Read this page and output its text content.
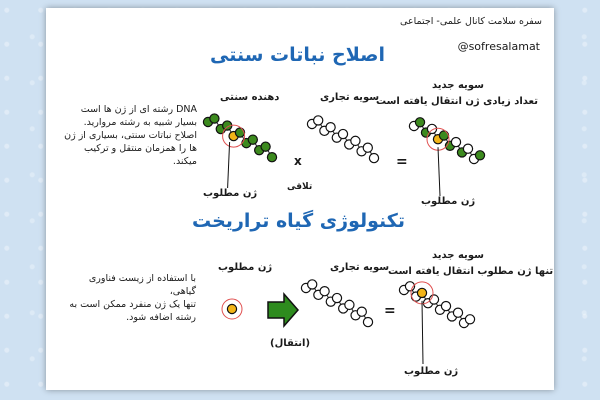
سفره سلامت کانال علمی- اجتماعی
@sofresalamat
اصلاح نباتات سنتی
دهنده سنتی	سویه تجاری
سویه جدید
تعداد زیادی ژن انتقال یافته است
x
تلاقی
=
ژن مطلوب
ژن مطلوب
DNA رشته ای از ژن ها است
بسیار شبیه به رشته مروارید.
اصلاح نباتات سنتی، بسیاری از ژن
ها را همزمان منتقل و ترکیب
میکند.
تکنولوژی گیاه تراریخت
ژن مطلوب	سویه تجاری
سویه جدید
تنها ژن مطلوب انتقال یافته است
(انتقال)
=
ژن مطلوب
با استفاده از زیست فناوری گیاهی،
تنها یک ژن منفرد ممکن است به
رشته اضافه شود.
